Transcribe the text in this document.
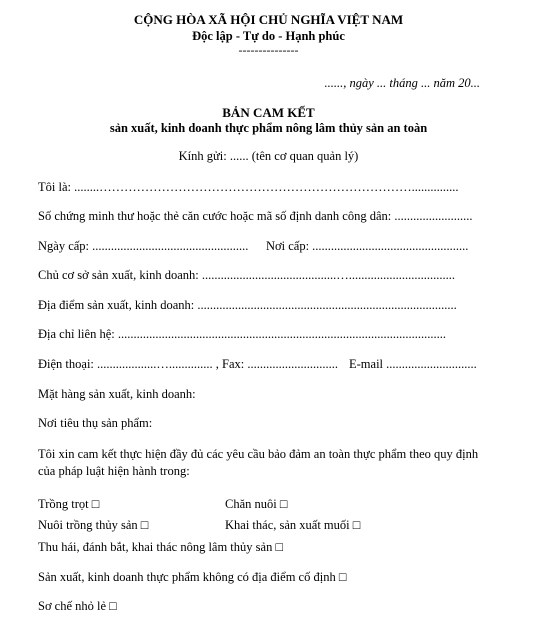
CỘNG HÒA XÃ HỘI CHỦ NGHĨA VIỆT NAM
Độc lập - Tự do - Hạnh phúc
---------------
......, ngày ... tháng ... năm 20...
BẢN CAM KẾT
sản xuất, kinh doanh thực phẩm nông lâm thủy sản an toàn
Kính gửi: ...... (tên cơ quan quản lý)
Tôi là: ........…………………………………………………………………...............
Số chứng minh thư hoặc thẻ căn cước hoặc mã số định danh công dân: .........................
Ngày cấp: .................................................. Nơi cấp: ..................................................
Chủ cơ sở sản xuất, kinh doanh: ...........................................…..................................
Địa điểm sản xuất, kinh doanh: ...................................................................................
Địa chỉ liên hệ: .........................................................................................................
Điện thoại: ...................….............. , Fax: ............................. E-mail .............................
Mặt hàng sản xuất, kinh doanh:
Nơi tiêu thụ sản phẩm:
Tôi xin cam kết thực hiện đầy đủ các yêu cầu bảo đảm an toàn thực phẩm theo quy định của pháp luật hiện hành trong:
Trồng trọt □	Chăn nuôi □
Nuôi trồng thủy sản □	Khai thác, sản xuất muối □
Thu hái, đánh bắt, khai thác nông lâm thủy sản □
Sản xuất, kinh doanh thực phẩm không có địa điểm cố định □
Sơ chế nhỏ lẻ □
